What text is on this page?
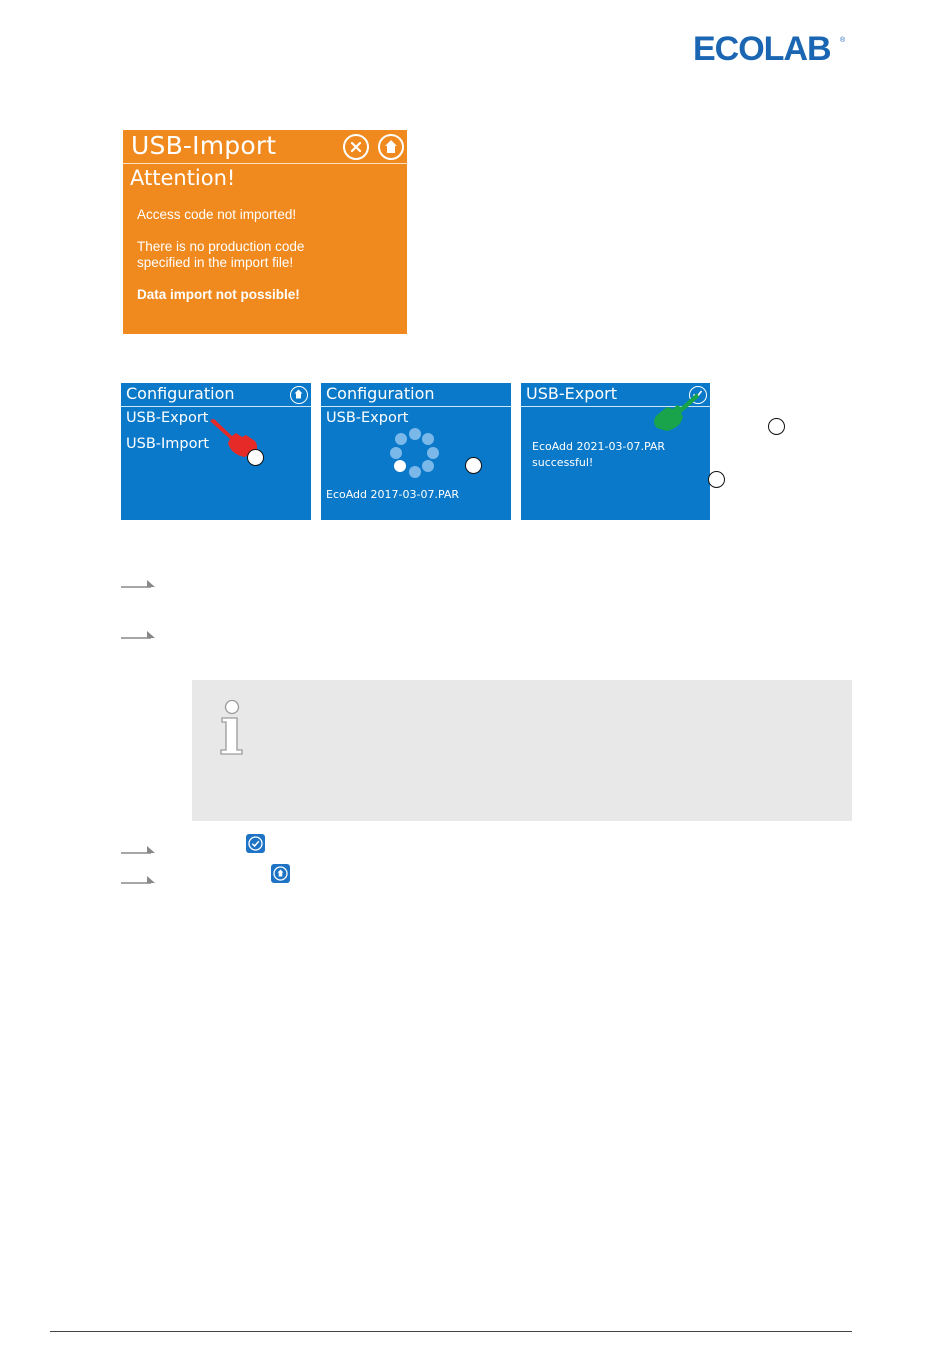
ECOLAB ®
USB-Import
Attention!
Access code not imported!
There is no production code
specified in the import file!
Data import not possible!
Configuration
USB-Export
USB-Import
Configuration
USB-Export
EcoAdd 2017-03-07.PAR
USB-Export
EcoAdd 2021-03-07.PAR
successful!
